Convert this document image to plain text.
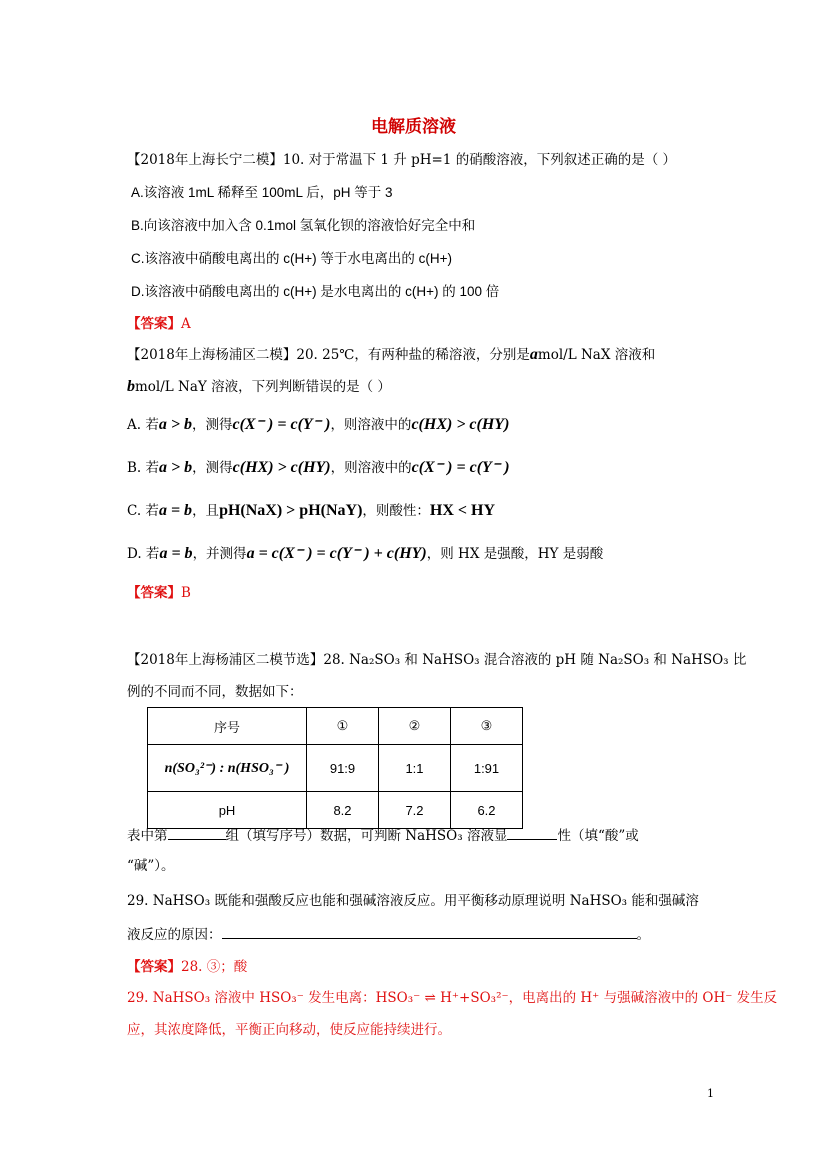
电解质溶液
【2018年上海长宁二模】10. 对于常温下 1 升 pH=1 的硝酸溶液，下列叙述正确的是（ ）
A.该溶液 1mL 稀释至 100mL 后，pH 等于 3
B.向该溶液中加入含 0.1mol 氢氧化钡的溶液恰好完全中和
C.该溶液中硝酸电离出的 c(H+) 等于水电离出的 c(H+)
D.该溶液中硝酸电离出的 c(H+) 是水电离出的 c(H+) 的 100 倍
【答案】A
【2018年上海杨浦区二模】20. 25℃，有两种盐的稀溶液，分别是amol/L NaX 溶液和
bmol/L NaY 溶液，下列判断错误的是（ ）
A. 若a > b，测得c(X⁻ ) = c(Y⁻ )，则溶液中的c(HX) > c(HY)
B. 若a > b，测得c(HX) > c(HY)，则溶液中的c(X⁻ ) = c(Y⁻ )
C. 若a = b，且pH(NaX) > pH(NaY)，则酸性：HX < HY
D. 若a = b，并测得a = c(X⁻ ) = c(Y⁻ ) + c(HY)，则 HX 是强酸，HY 是弱酸
【答案】B
【2018年上海杨浦区二模节选】28. Na₂SO₃ 和 NaHSO₃ 混合溶液的 pH 随 Na₂SO₃ 和 NaHSO₃ 比
例的不同而不同，数据如下：
序号	①	②	③
n(SO₃²⁻) : n(HSO₃⁻ )	91:9	1:1	1:91
pH	8.2	7.2	6.2
表中第	组（填写序号）数据，可判断 NaHSO₃ 溶液显	性（填“酸”或
“碱”）。
29. NaHSO₃ 既能和强酸反应也能和强碱溶液反应。用平衡移动原理说明 NaHSO₃ 能和强碱溶
液反应的原因：	。
【答案】28. ③；酸
29. NaHSO₃ 溶液中 HSO₃⁻ 发生电离：HSO₃⁻ ⇌ H⁺+SO₃²⁻，电离出的 H⁺ 与强碱溶液中的 OH⁻ 发生反
应，其浓度降低，平衡正向移动，使反应能持续进行。
1
